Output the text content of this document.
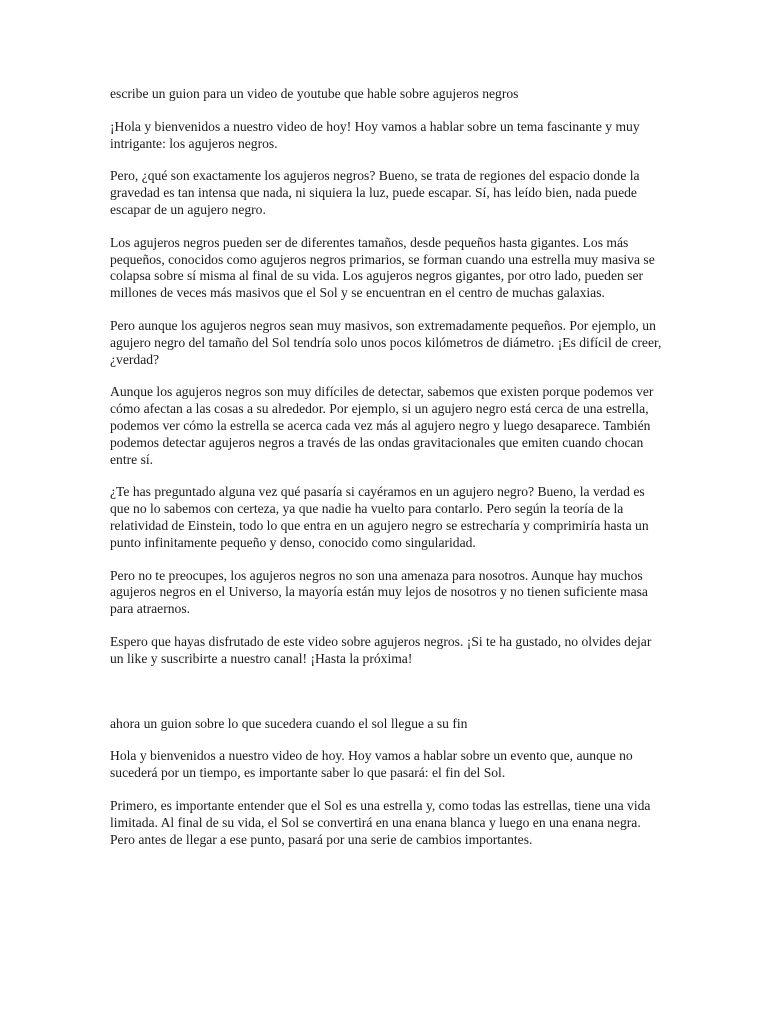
escribe un guion para un video de youtube que hable sobre agujeros negros

¡Hola y bienvenidos a nuestro video de hoy! Hoy vamos a hablar sobre un tema fascinante y muy intrigante: los agujeros negros.

Pero, ¿qué son exactamente los agujeros negros? Bueno, se trata de regiones del espacio donde la gravedad es tan intensa que nada, ni siquiera la luz, puede escapar. Sí, has leído bien, nada puede escapar de un agujero negro.

Los agujeros negros pueden ser de diferentes tamaños, desde pequeños hasta gigantes. Los más pequeños, conocidos como agujeros negros primarios, se forman cuando una estrella muy masiva se colapsa sobre sí misma al final de su vida. Los agujeros negros gigantes, por otro lado, pueden ser millones de veces más masivos que el Sol y se encuentran en el centro de muchas galaxias.

Pero aunque los agujeros negros sean muy masivos, son extremadamente pequeños. Por ejemplo, un agujero negro del tamaño del Sol tendría solo unos pocos kilómetros de diámetro. ¡Es difícil de creer, ¿verdad?

Aunque los agujeros negros son muy difíciles de detectar, sabemos que existen porque podemos ver cómo afectan a las cosas a su alrededor. Por ejemplo, si un agujero negro está cerca de una estrella, podemos ver cómo la estrella se acerca cada vez más al agujero negro y luego desaparece. También podemos detectar agujeros negros a través de las ondas gravitacionales que emiten cuando chocan entre sí.

¿Te has preguntado alguna vez qué pasaría si cayéramos en un agujero negro? Bueno, la verdad es que no lo sabemos con certeza, ya que nadie ha vuelto para contarlo. Pero según la teoría de la relatividad de Einstein, todo lo que entra en un agujero negro se estrecharía y comprimiría hasta un punto infinitamente pequeño y denso, conocido como singularidad.

Pero no te preocupes, los agujeros negros no son una amenaza para nosotros. Aunque hay muchos agujeros negros en el Universo, la mayoría están muy lejos de nosotros y no tienen suficiente masa para atraernos.

Espero que hayas disfrutado de este video sobre agujeros negros. ¡Si te ha gustado, no olvides dejar un like y suscribirte a nuestro canal! ¡Hasta la próxima!

ahora un guion sobre lo que sucedera cuando el sol llegue a su fin

Hola y bienvenidos a nuestro video de hoy. Hoy vamos a hablar sobre un evento que, aunque no sucederá por un tiempo, es importante saber lo que pasará: el fin del Sol.

Primero, es importante entender que el Sol es una estrella y, como todas las estrellas, tiene una vida limitada. Al final de su vida, el Sol se convertirá en una enana blanca y luego en una enana negra. Pero antes de llegar a ese punto, pasará por una serie de cambios importantes.
